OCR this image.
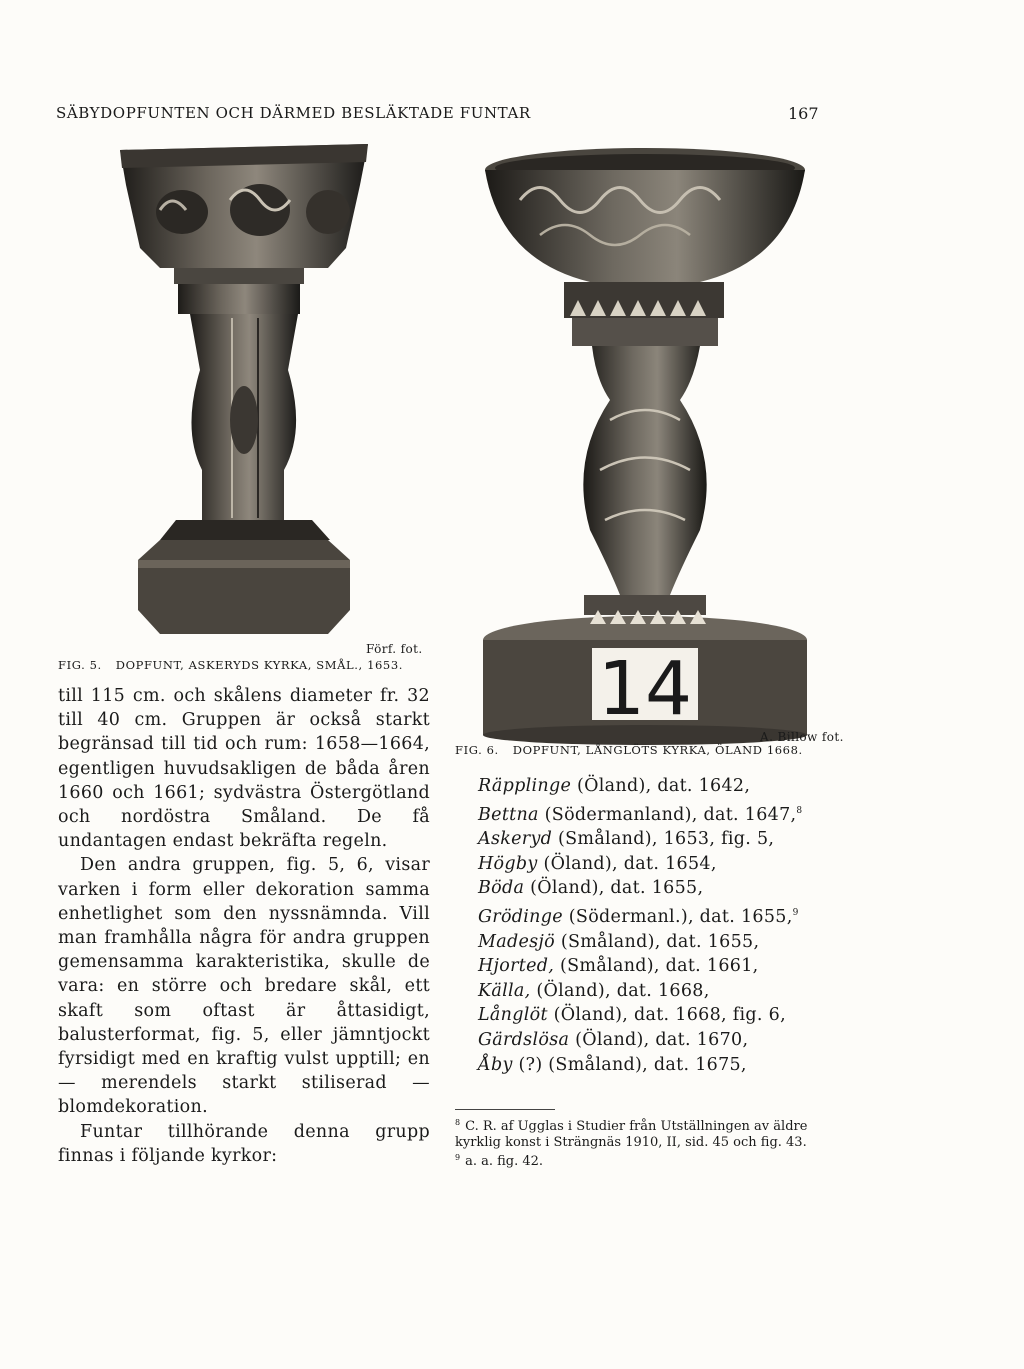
SÄBYDOPFUNTEN OCH DÄRMED BESLÄKTADE FUNTAR	167
14
Förf. fot.
FIG. 5. DOPFUNT, ASKERYDS KYRKA, SMÅL., 1653.
A. Billow fot.
FIG. 6. DOPFUNT, LÅNGLÖTS KYRKA, ÖLAND 1668.

till 115 cm. och skålens diameter fr. 32 till 40 cm. Gruppen är också starkt begränsad till tid och rum: 1658—1664, egentligen huvudsakligen de båda åren 1660 och 1661; sydvästra Östergötland och nordöstra Småland. De få undantagen endast bekräfta regeln.

Den andra gruppen, fig. 5, 6, visar varken i form eller dekoration samma enhetlighet som den nyssnämnda. Vill man framhålla några för andra gruppen gemensamma karakteristika, skulle de vara: en större och bredare skål, ett skaft som oftast är åttasidigt, balusterformat, fig. 5, eller jämntjockt fyrsidigt med en kraftig vulst upptill; en — merendels starkt stiliserad — blomdekoration.

Funtar tillhörande denna grupp finnas i följande kyrkor:

Räpplinge (Öland), dat. 1642,
Bettna (Södermanland), dat. 1647,$^8$
Askeryd (Småland), 1653, fig. 5,
Högby (Öland), dat. 1654,
Böda (Öland), dat. 1655,
Grödinge (Södermanl.), dat. 1655,$^9$
Madesjö (Småland), dat. 1655,
Hjorted, (Småland), dat. 1661,
Källa, (Öland), dat. 1668,
Långlöt (Öland), dat. 1668, fig. 6,
Gärdslösa (Öland), dat. 1670,
Åby (?) (Småland), dat. 1675,
$^8$ C. R. af Ugglas i Studier från Utställningen av äldre kyrklig konst i Strängnäs 1910, II, sid. 45 och fig. 43.
$^9$ a. a. fig. 42.
